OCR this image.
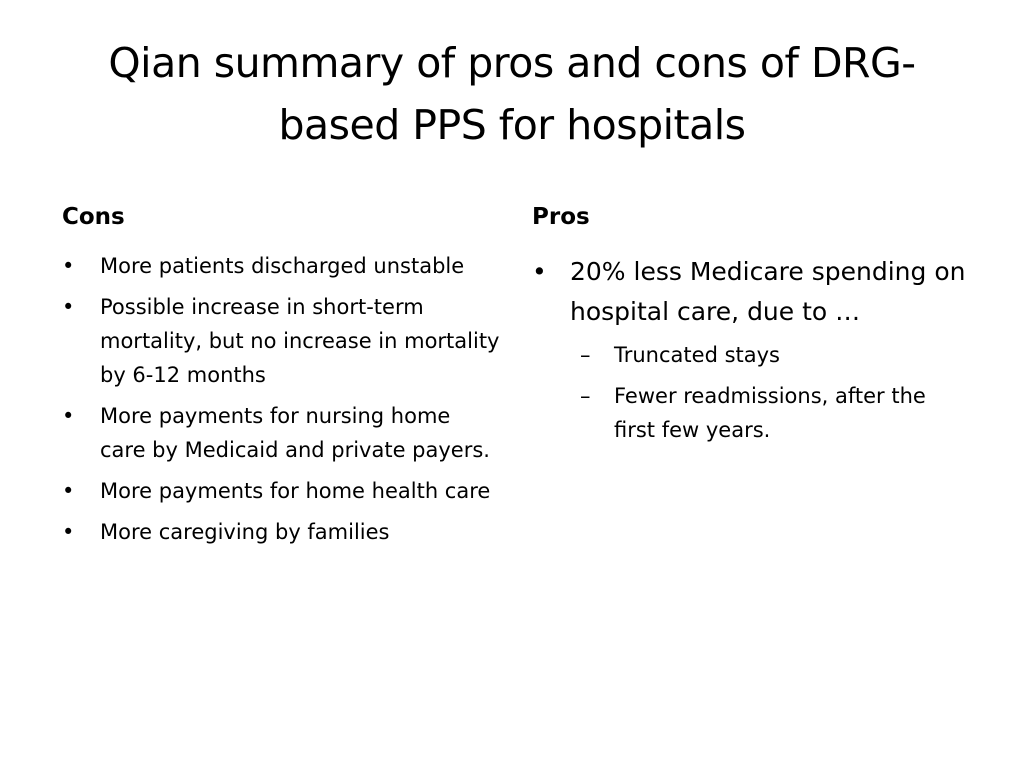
Qian summary of pros and cons of DRG-based PPS for hospitals
Cons
• More patients discharged unstable
• Possible increase in short-term mortality, but no increase in mortality by 6-12 months
• More payments for nursing home care by Medicaid and private payers.
• More payments for home health care
• More caregiving by families
Pros
• 20% less Medicare spending on hospital care, due to …
– Truncated stays
– Fewer readmissions, after the first few years.
